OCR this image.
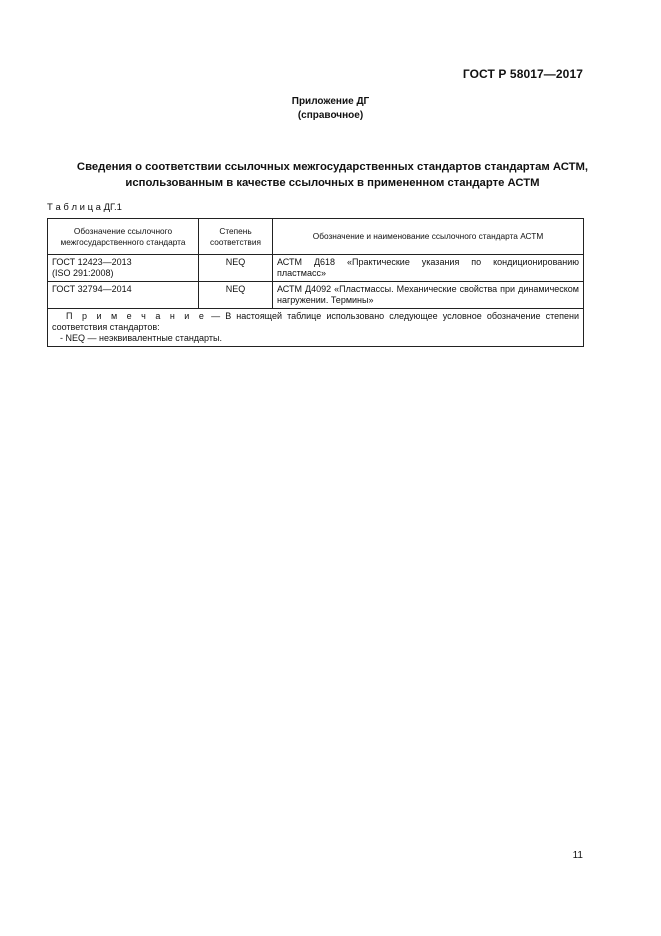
ГОСТ Р 58017—2017
Приложение ДГ
(справочное)
Сведения о соответствии ссылочных межгосударственных стандартов стандартам АСТМ,
использованным в качестве ссылочных в примененном стандарте АСТМ
Т а б л и ц а ДГ.1
Обозначение ссылочного межгосударственного стандарта	Степень соответствия	Обозначение и наименование ссылочного стандарта АСТМ

ГОСТ 12423—2013
(ISO 291:2008)	NEQ	АСТМ Д618 «Практические указания по кондиционированию пластмасс»

ГОСТ 32794—2014	NEQ	АСТМ Д4092 «Пластмассы. Механические свойства при динамическом нагружении. Термины»

П р и м е ч а н и е — В настоящей таблице использовано следующее условное обозначение степени соответствия стандартов:
- NEQ — неэквивалентные стандарты.		
11
